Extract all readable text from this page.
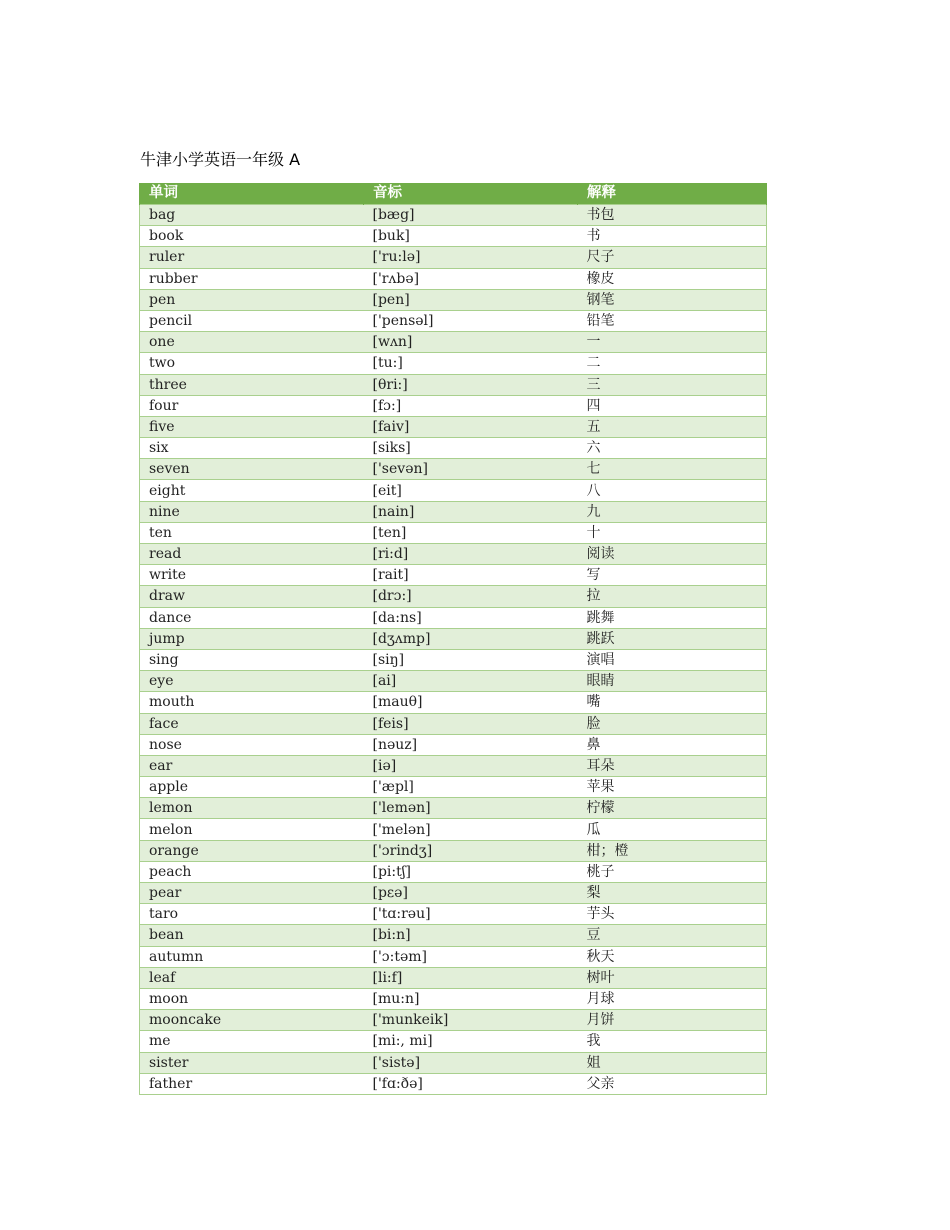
牛津小学英语一年级 A
单词	音标	解释
bag	[bæg]	书包
book	[buk]	书
ruler	['ru:lə]	尺子
rubber	['rʌbə]	橡皮
pen	[pen]	钢笔
pencil	['pensəl]	铅笔
one	[wʌn]	一
two	[tu:]	二
three	[θri:]	三
four	[fɔ:]	四
five	[faiv]	五
six	[siks]	六
seven	['sevən]	七
eight	[eit]	八
nine	[nain]	九
ten	[ten]	十
read	[ri:d]	阅读
write	[rait]	写
draw	[drɔ:]	拉
dance	[da:ns]	跳舞
jump	[dʒʌmp]	跳跃
sing	[siŋ]	演唱
eye	[ai]	眼睛
mouth	[mauθ]	嘴
face	[feis]	脸
nose	[nəuz]	鼻
ear	[iə]	耳朵
apple	['æpl]	苹果
lemon	['lemən]	柠檬
melon	['melən]	瓜
orange	['ɔrindʒ]	柑；橙
peach	[pi:tʃ]	桃子
pear	[pεə]	梨
taro	['tɑ:rəu]	芋头
bean	[bi:n]	豆
autumn	['ɔ:təm]	秋天
leaf	[li:f]	树叶
moon	[mu:n]	月球
mooncake	['munkeik]	月饼
me	[mi:, mi]	我
sister	['sistə]	姐
father	['fɑ:ðə]	父亲
